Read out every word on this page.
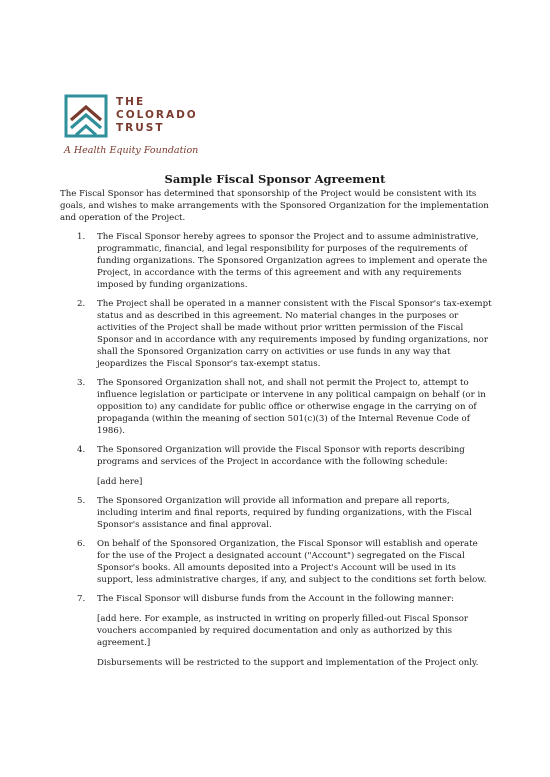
THE
COLORADO
TRUST
A Health Equity Foundation
Sample Fiscal Sponsor Agreement

The Fiscal Sponsor has determined that sponsorship of the Project would be consistent with its goals, and wishes to make arrangements with the Sponsored Organization for the implementation and operation of the Project.

1. The Fiscal Sponsor hereby agrees to sponsor the Project and to assume administrative, programmatic, financial, and legal responsibility for purposes of the requirements of funding organizations. The Sponsored Organization agrees to implement and operate the Project, in accordance with the terms of this agreement and with any requirements imposed by funding organizations.

2. The Project shall be operated in a manner consistent with the Fiscal Sponsor's tax-exempt status and as described in this agreement. No material changes in the purposes or activities of the Project shall be made without prior written permission of the Fiscal Sponsor and in accordance with any requirements imposed by funding organizations, nor shall the Sponsored Organization carry on activities or use funds in any way that jeopardizes the Fiscal Sponsor's tax-exempt status.

3. The Sponsored Organization shall not, and shall not permit the Project to, attempt to influence legislation or participate or intervene in any political campaign on behalf (or in opposition to) any candidate for public office or otherwise engage in the carrying on of propaganda (within the meaning of section 501(c)(3) of the Internal Revenue Code of 1986).

4. The Sponsored Organization will provide the Fiscal Sponsor with reports describing programs and services of the Project in accordance with the following schedule:

[add here]

5. The Sponsored Organization will provide all information and prepare all reports, including interim and final reports, required by funding organizations, with the Fiscal Sponsor's assistance and final approval.

6. On behalf of the Sponsored Organization, the Fiscal Sponsor will establish and operate for the use of the Project a designated account ("Account") segregated on the Fiscal Sponsor's books. All amounts deposited into a Project's Account will be used in its support, less administrative charges, if any, and subject to the conditions set forth below.

7. The Fiscal Sponsor will disburse funds from the Account in the following manner:

[add here. For example, as instructed in writing on properly filled-out Fiscal Sponsor vouchers accompanied by required documentation and only as authorized by this agreement.]

Disbursements will be restricted to the support and implementation of the Project only.
